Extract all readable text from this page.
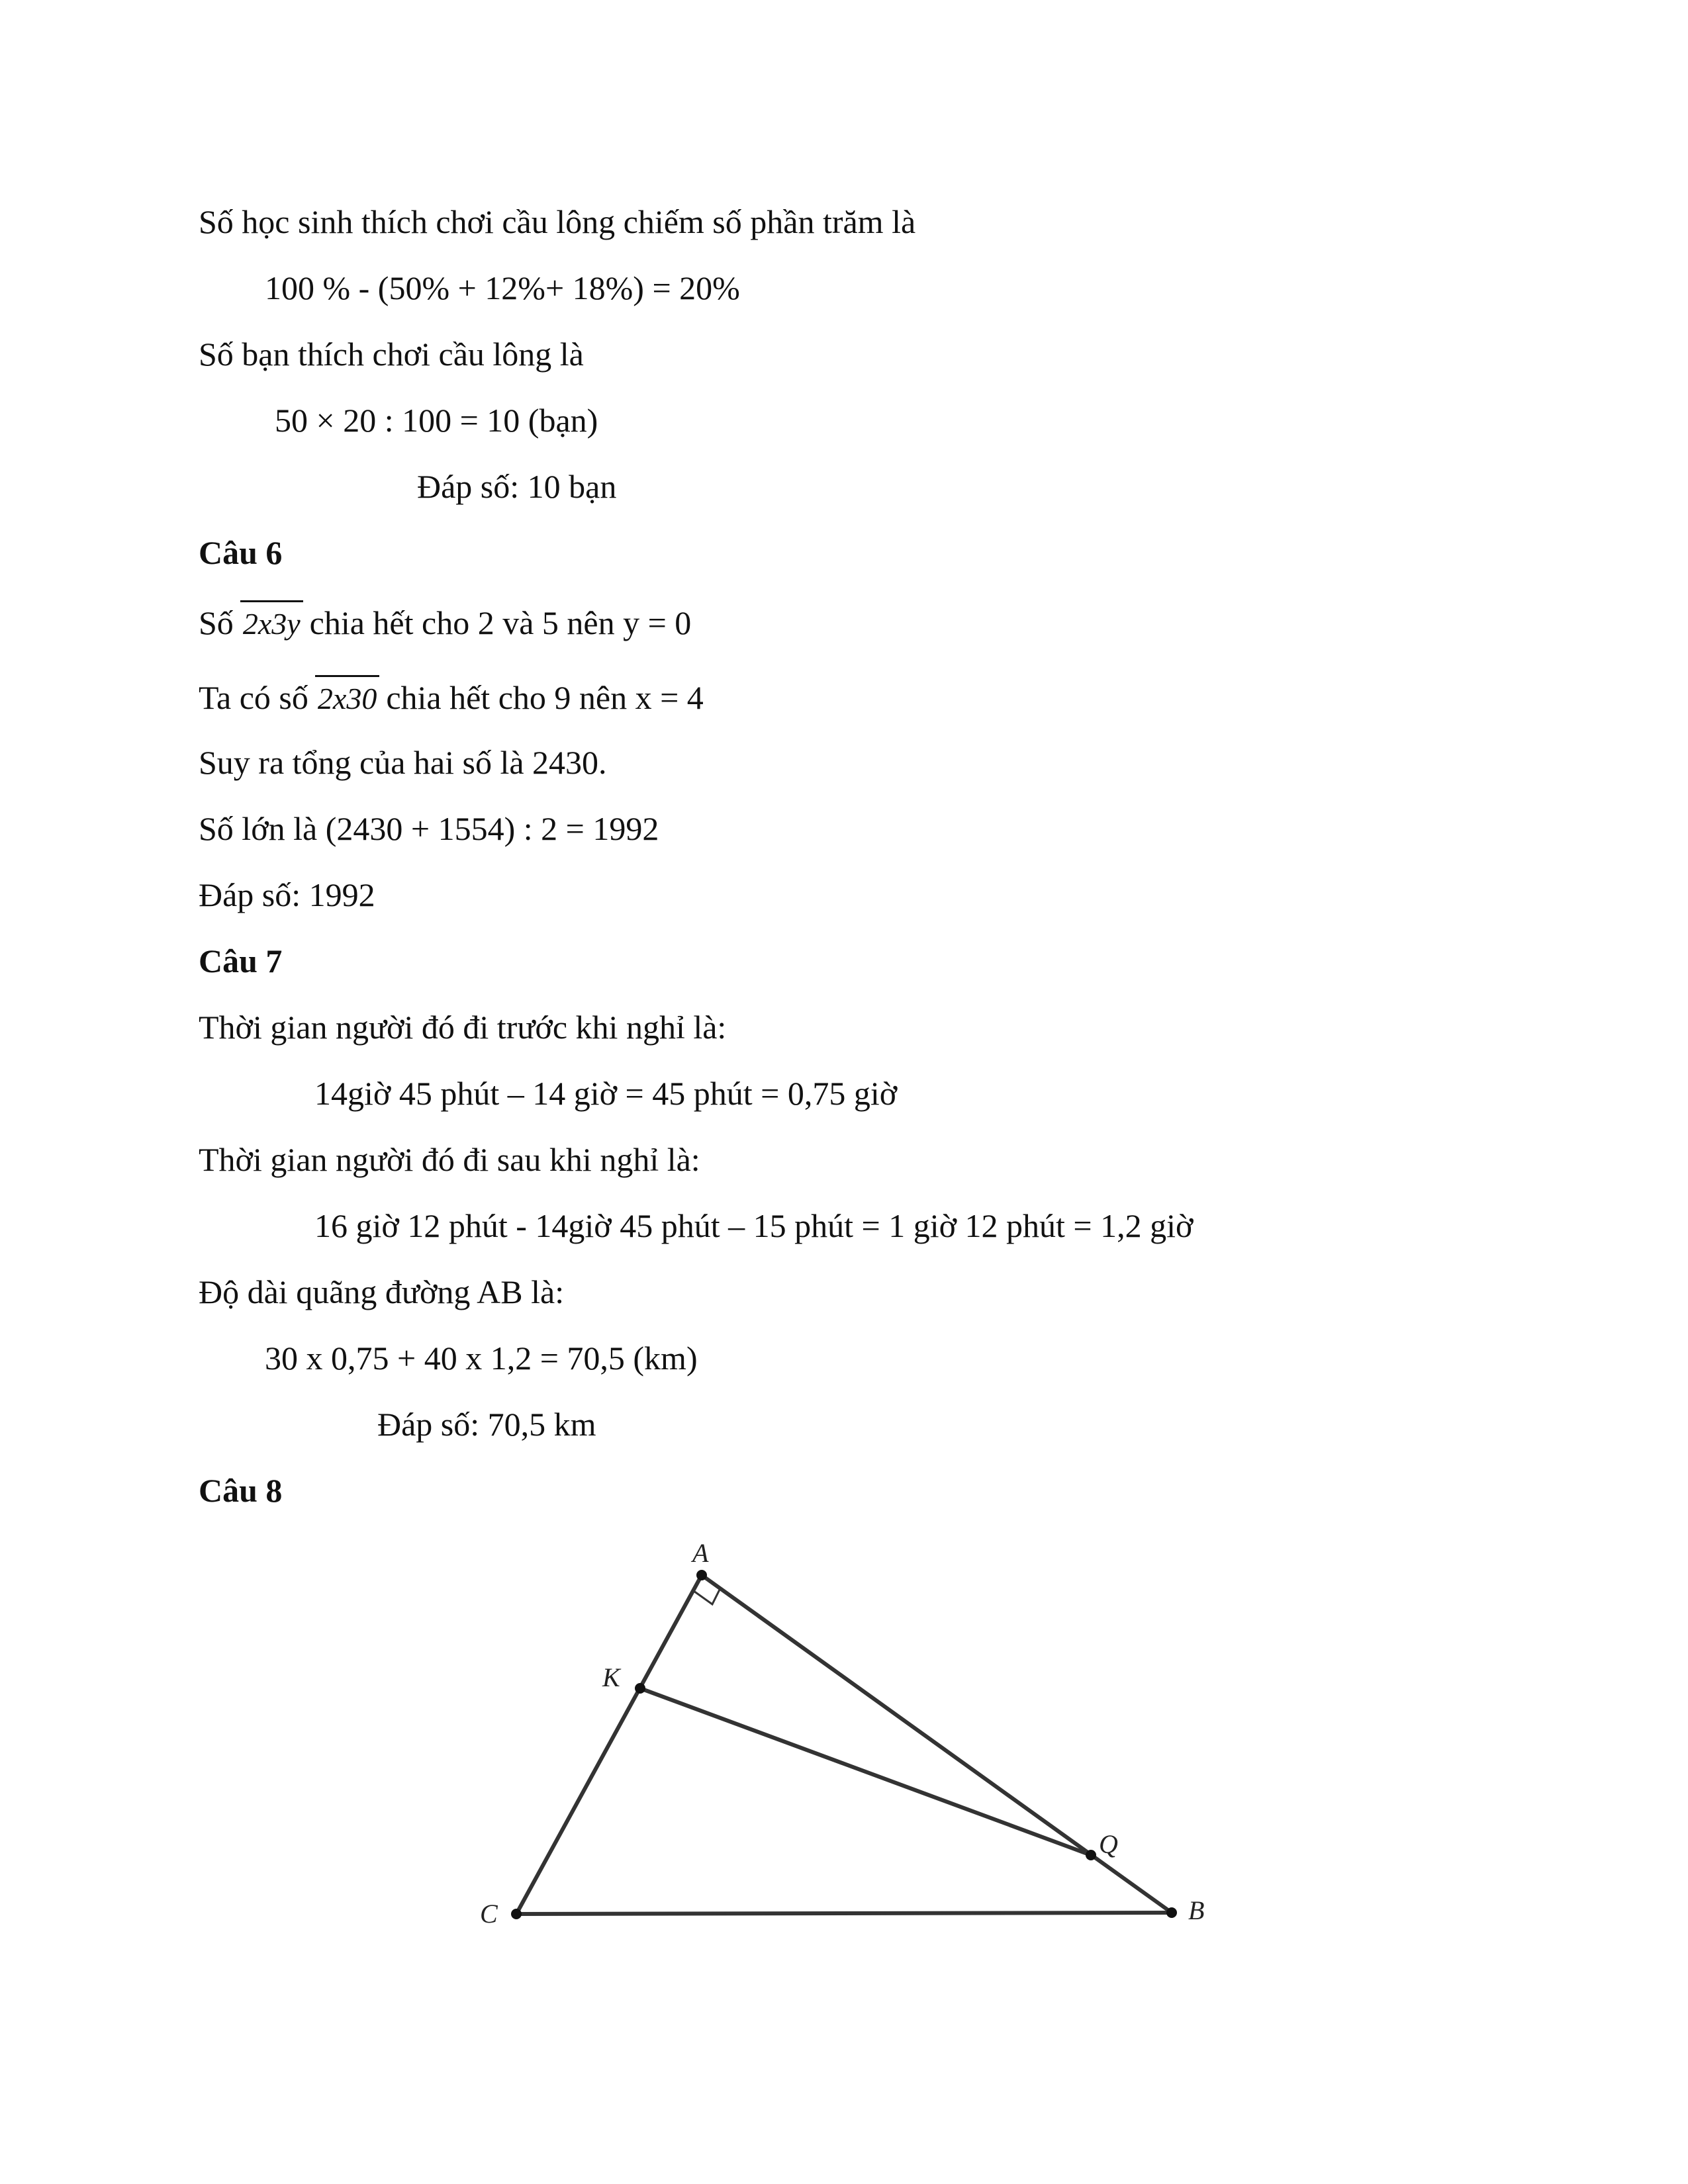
Số học sinh thích chơi cầu lông chiếm số phần trăm là
100 % - (50% + 12%+ 18%) = 20%
Số bạn thích chơi cầu lông là
50 × 20 : 100 = 10 (bạn)
Đáp số: 10 bạn
Câu 6
Số 2x3y chia hết cho 2 và 5 nên y = 0
Ta có số 2x30 chia hết cho 9 nên x = 4
Suy ra tổng của hai số là 2430.
Số lớn là (2430 + 1554) : 2 = 1992
Đáp số: 1992
Câu 7
Thời gian người đó đi trước khi nghỉ là:
14giờ 45 phút – 14 giờ = 45 phút = 0,75 giờ
Thời gian người đó đi sau khi nghỉ là:
16 giờ 12 phút - 14giờ 45 phút – 15 phút = 1 giờ 12 phút = 1,2 giờ
Độ dài quãng đường AB là:
30 x 0,75 + 40 x 1,2 = 70,5 (km)
Đáp số: 70,5 km
Câu 8
A
K
Q
C	B
